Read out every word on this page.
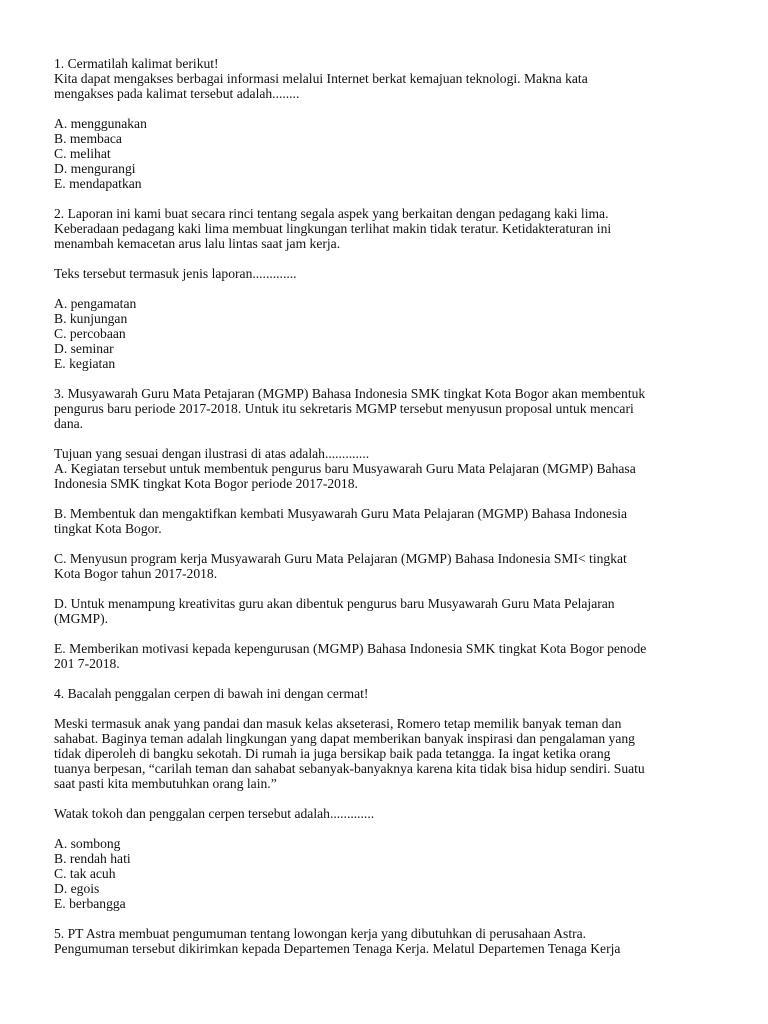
1. Cermatilah kalimat berikut!
Kita dapat mengakses berbagai informasi melalui Internet berkat kemajuan teknologi. Makna kata
mengakses pada kalimat tersebut adalah........
A. menggunakan
B. membaca
C. melihat
D. mengurangi
E. mendapatkan
2. Laporan ini kami buat secara rinci tentang segala aspek yang berkaitan dengan pedagang kaki lima.
Keberadaan pedagang kaki lima membuat lingkungan terlihat makin tidak teratur. Ketidakteraturan ini
menambah kemacetan arus lalu lintas saat jam kerja.
Teks tersebut termasuk jenis laporan.............
A. pengamatan
B. kunjungan
C. percobaan
D. seminar
E. kegiatan
3. Musyawarah Guru Mata Petajaran (MGMP) Bahasa Indonesia SMK tingkat Kota Bogor akan membentuk
pengurus baru periode 2017-2018. Untuk itu sekretaris MGMP tersebut menyusun proposal untuk mencari
dana.
Tujuan yang sesuai dengan ilustrasi di atas adalah.............
A. Kegiatan tersebut untuk membentuk pengurus baru Musyawarah Guru Mata Pelajaran (MGMP) Bahasa
Indonesia SMK tingkat Kota Bogor periode 2017-2018.
B. Membentuk dan mengaktifkan kembati Musyawarah Guru Mata Pelajaran (MGMP) Bahasa Indonesia
tingkat Kota Bogor.
C. Menyusun program kerja Musyawarah Guru Mata Pelajaran (MGMP) Bahasa Indonesia SMI< tingkat
Kota Bogor tahun 2017-2018.
D. Untuk menampung kreativitas guru akan dibentuk pengurus baru Musyawarah Guru Mata Pelajaran
(MGMP).
E. Memberikan motivasi kepada kepengurusan (MGMP) Bahasa Indonesia SMK tingkat Kota Bogor penode
201 7-2018.
4. Bacalah penggalan cerpen di bawah ini dengan cermat!
Meski termasuk anak yang pandai dan masuk kelas akseterasi, Romero tetap memilik banyak teman dan
sahabat. Baginya teman adalah lingkungan yang dapat memberikan banyak inspirasi dan pengalaman yang
tidak diperoleh di bangku sekotah. Di rumah ia juga bersikap baik pada tetangga. Ia ingat ketika orang
tuanya berpesan, “carilah teman dan sahabat sebanyak-banyaknya karena kita tidak bisa hidup sendiri. Suatu
saat pasti kita membutuhkan orang lain.”
Watak tokoh dan penggalan cerpen tersebut adalah.............
A. sombong
B. rendah hati
C. tak acuh
D. egois
E. berbangga
5. PT Astra membuat pengumuman tentang lowongan kerja yang dibutuhkan di perusahaan Astra.
Pengumuman tersebut dikirimkan kepada Departemen Tenaga Kerja. Melatul Departemen Tenaga Kerja
